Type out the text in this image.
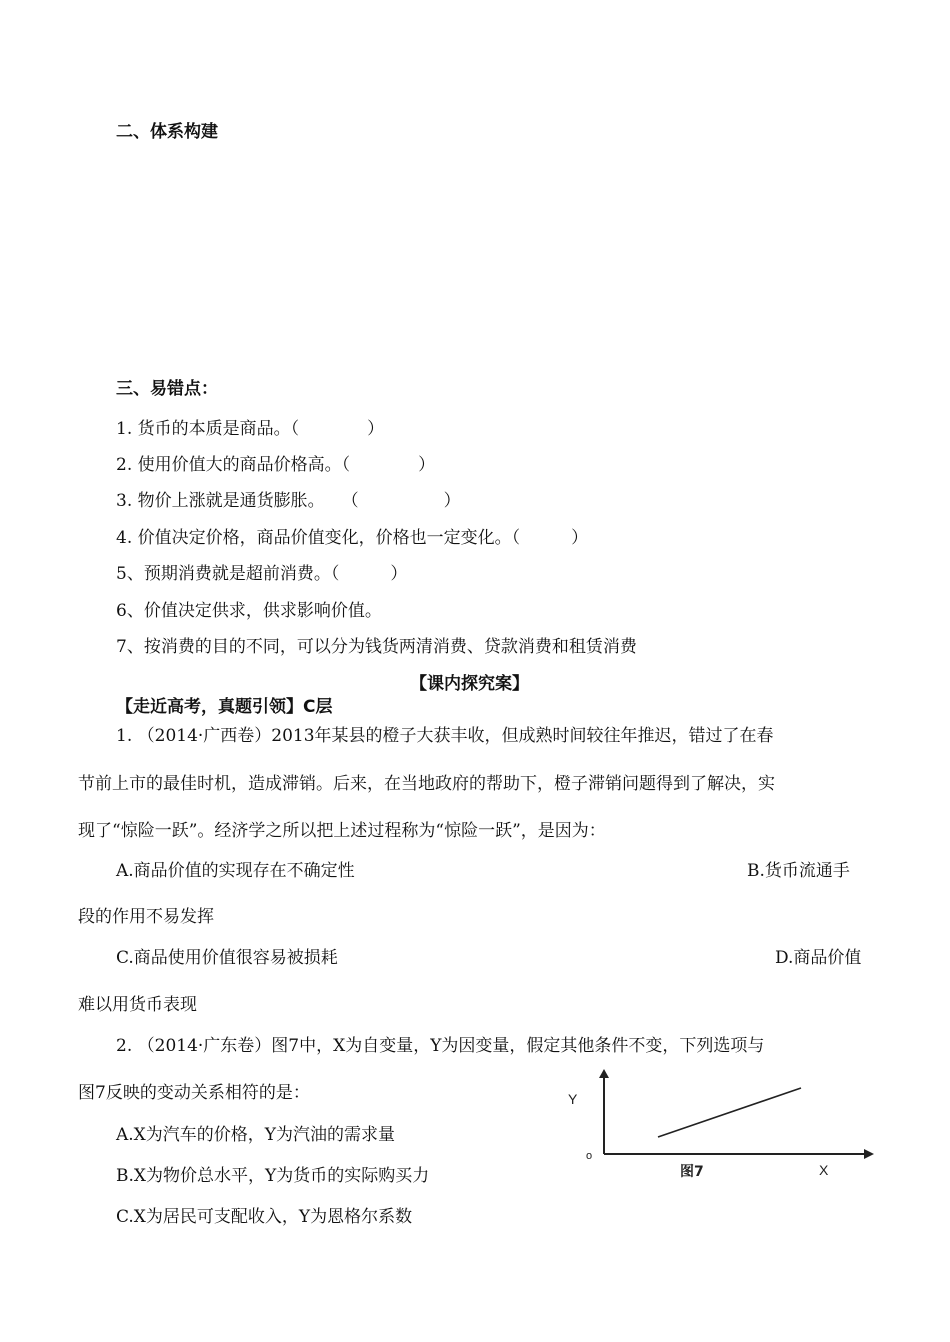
二、体系构建
三、易错点：
1. 货币的本质是商品。（　　　　）
2. 使用价值大的商品价格高。（　　　　）
3. 物价上涨就是通货膨胀。　　（　　　　　）
4. 价值决定价格，商品价值变化，价格也一定变化。（　　　）
5、预期消费就是超前消费。（　　　）
6、价值决定供求，供求影响价值。
7、按消费的目的不同，可以分为钱货两清消费、贷款消费和租赁消费
【课内探究案】
【走近高考，真题引领】C层
1. （2014·广西卷）2013年某县的橙子大获丰收，但成熟时间较往年推迟，错过了在春
节前上市的最佳时机，造成滞销。后来，在当地政府的帮助下，橙子滞销问题得到了解决，实
现了“惊险一跃”。经济学之所以把上述过程称为“惊险一跃”，是因为：
A.商品价值的实现存在不确定性	B.货币流通手
段的作用不易发挥
C.商品使用价值很容易被损耗	D.商品价值
难以用货币表现
2. （2014·广东卷）图7中，X为自变量，Y为因变量，假定其他条件不变，下列选项与
图7反映的变动关系相符的是：
A.X为汽车的价格，Y为汽油的需求量
B.X为物价总水平，Y为货币的实际购买力
C.X为居民可支配收入，Y为恩格尔系数
Y
o
图7	X
